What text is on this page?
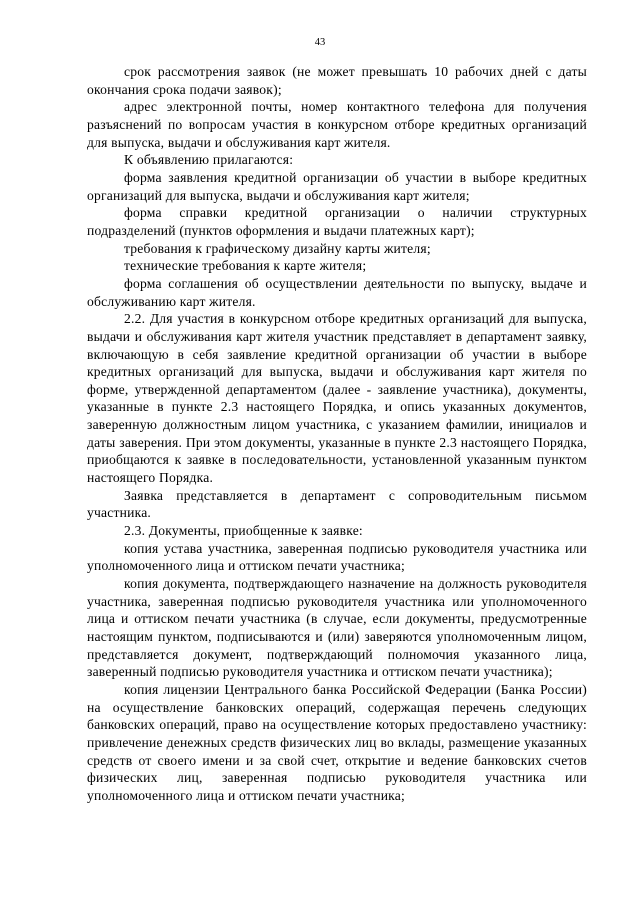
43

срок рассмотрения заявок (не может превышать 10 рабочих дней с даты окончания срока подачи заявок);

адрес электронной почты, номер контактного телефона для получения разъяснений по вопросам участия в конкурсном отборе кредитных организаций для выпуска, выдачи и обслуживания карт жителя.

К объявлению прилагаются:

форма заявления кредитной организации об участии в выборе кредитных организаций для выпуска, выдачи и обслуживания карт жителя;

форма справки кредитной организации о наличии структурных подразделений (пунктов оформления и выдачи платежных карт);

требования к графическому дизайну карты жителя;

технические требования к карте жителя;

форма соглашения об осуществлении деятельности по выпуску, выдаче и обслуживанию карт жителя.

2.2. Для участия в конкурсном отборе кредитных организаций для выпуска, выдачи и обслуживания карт жителя участник представляет в департамент заявку, включающую в себя заявление кредитной организации об участии в выборе кредитных организаций для выпуска, выдачи и обслуживания карт жителя по форме, утвержденной департаментом (далее - заявление участника), документы, указанные в пункте 2.3 настоящего Порядка, и опись указанных документов, заверенную должностным лицом участника, с указанием фамилии, инициалов и даты заверения. При этом документы, указанные в пункте 2.3 настоящего Порядка, приобщаются к заявке в последовательности, установленной указанным пунктом настоящего Порядка.

Заявка представляется в департамент с сопроводительным письмом участника.

2.3. Документы, приобщенные к заявке:

копия устава участника, заверенная подписью руководителя участника или уполномоченного лица и оттиском печати участника;

копия документа, подтверждающего назначение на должность руководителя участника, заверенная подписью руководителя участника или уполномоченного лица и оттиском печати участника (в случае, если документы, предусмотренные настоящим пунктом, подписываются и (или) заверяются уполномоченным лицом, представляется документ, подтверждающий полномочия указанного лица, заверенный подписью руководителя участника и оттиском печати участника);

копия лицензии Центрального банка Российской Федерации (Банка России) на осуществление банковских операций, содержащая перечень следующих банковских операций, право на осуществление которых предоставлено участнику: привлечение денежных средств физических лиц во вклады, размещение указанных средств от своего имени и за свой счет, открытие и ведение банковских счетов физических лиц, заверенная подписью руководителя участника или уполномоченного лица и оттиском печати участника;
